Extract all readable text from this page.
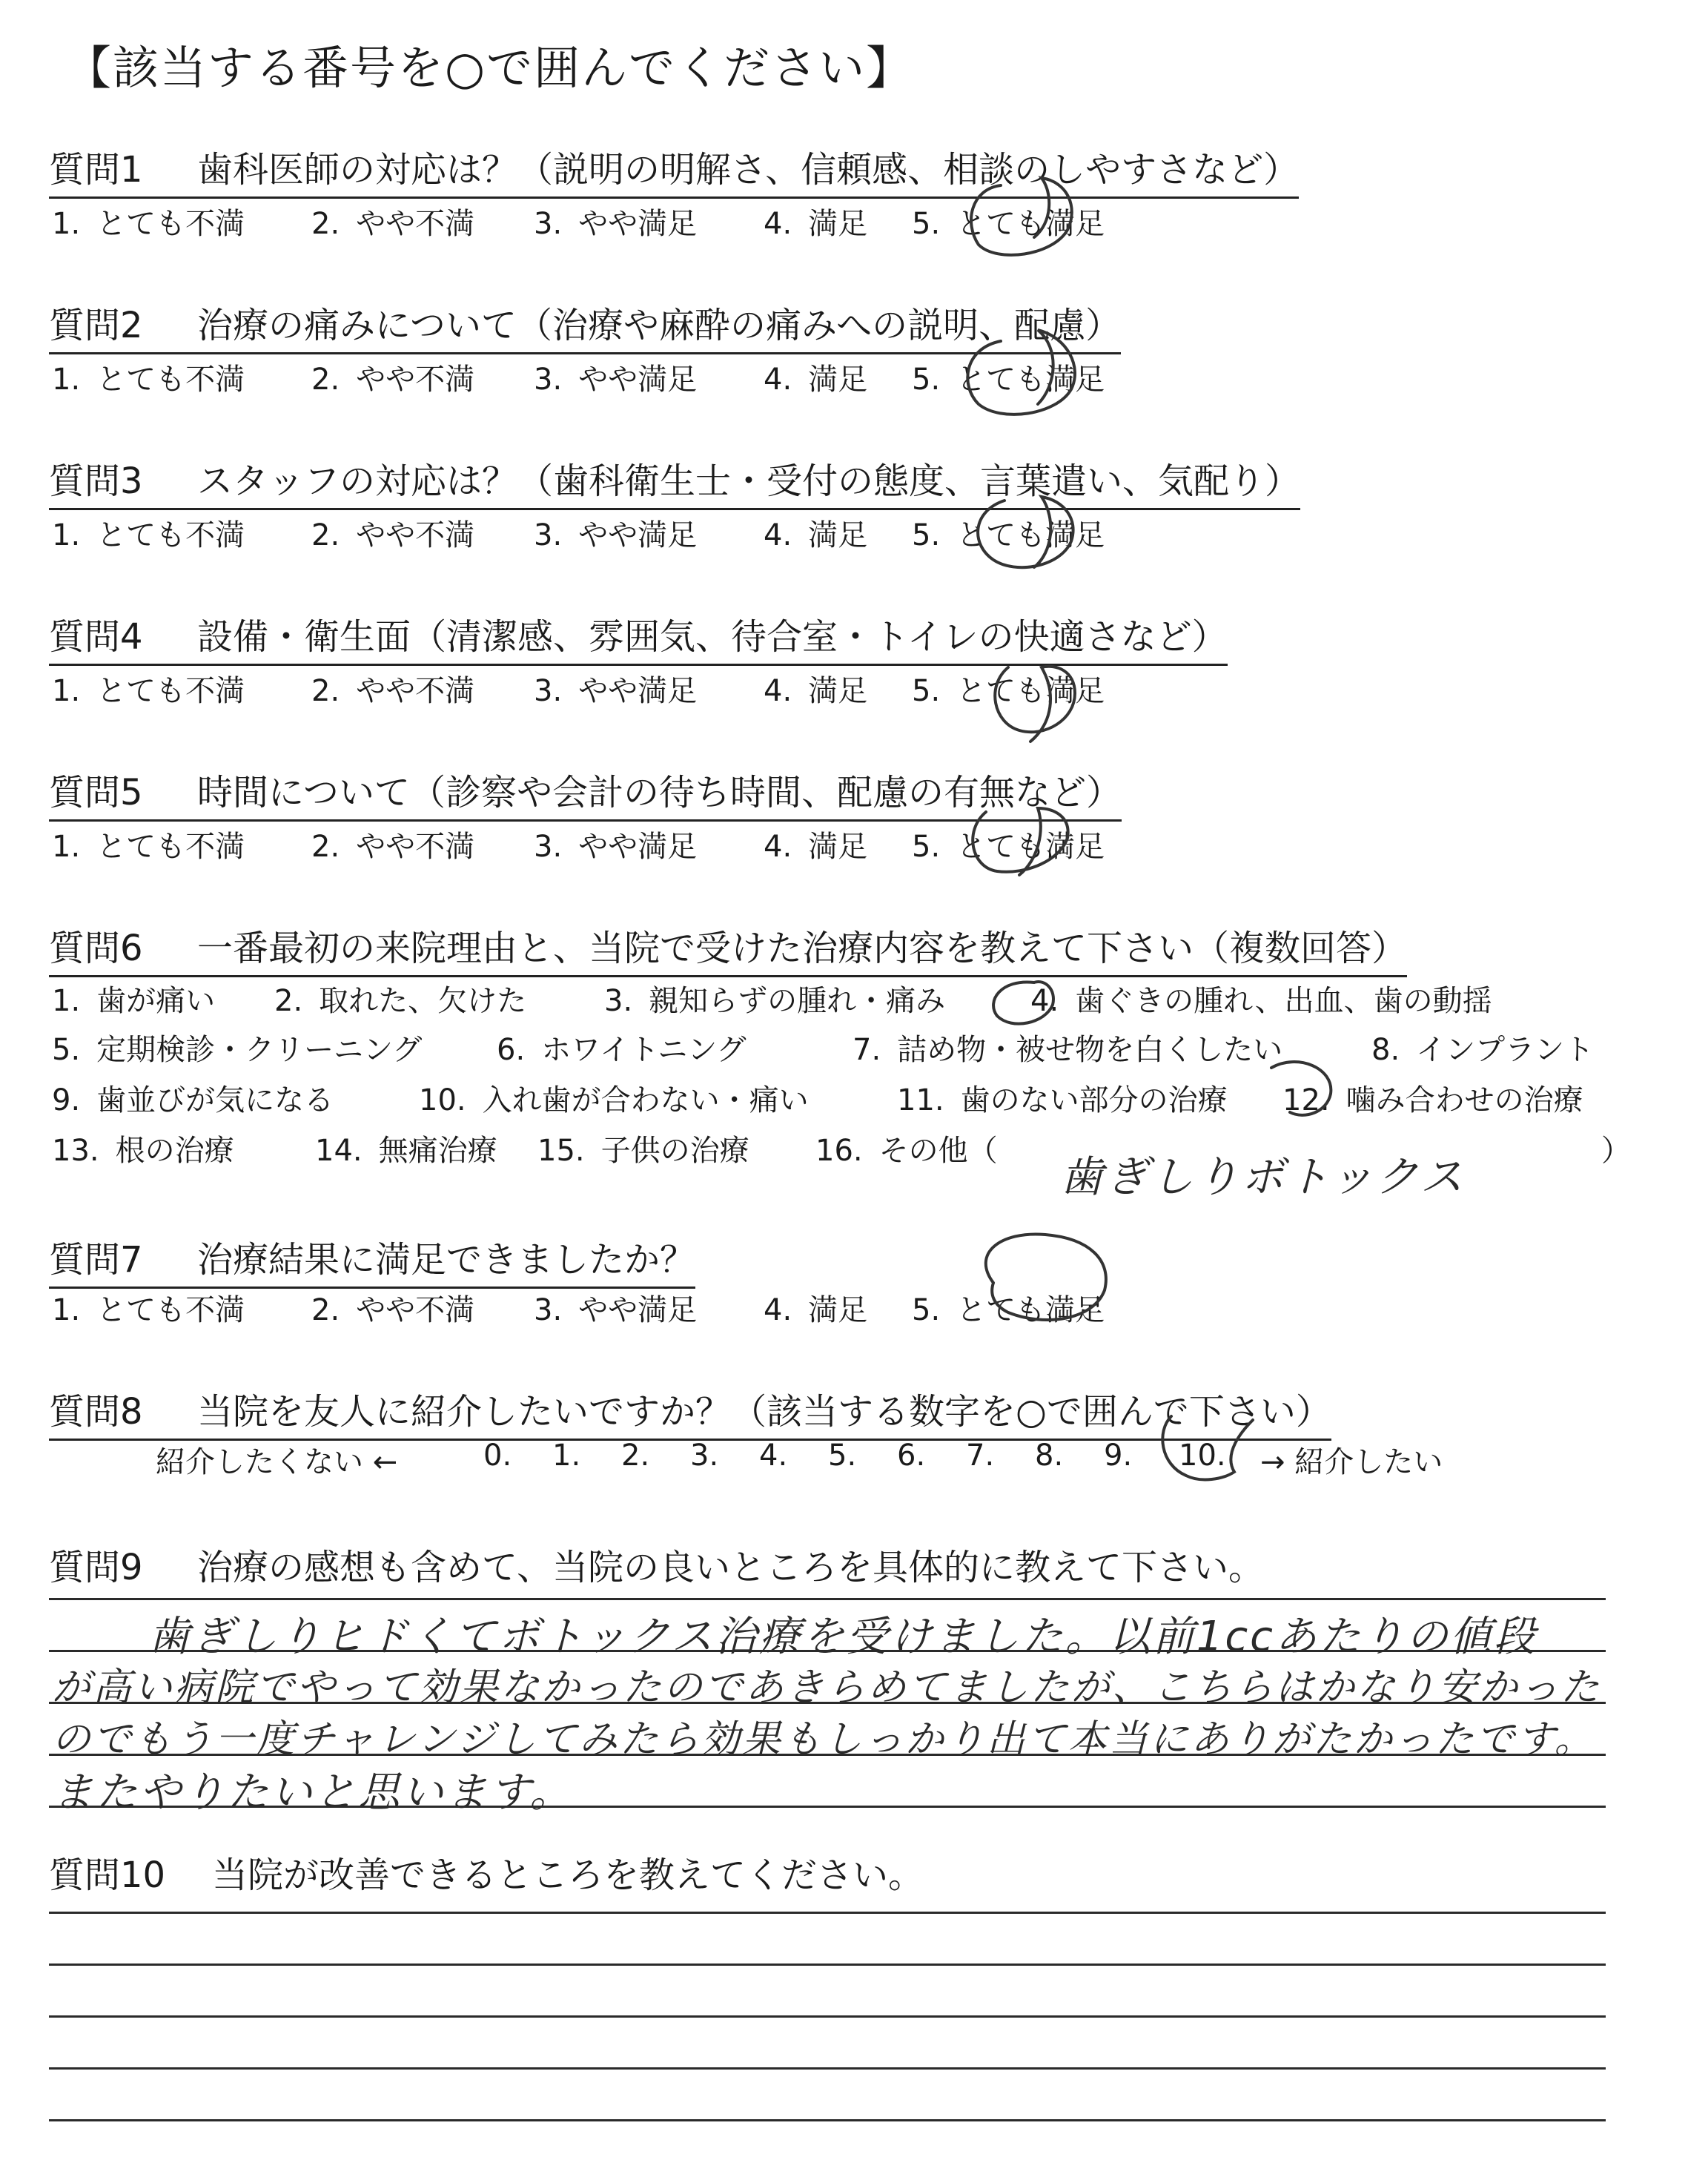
【該当する番号を○で囲んでください】
質問1 歯科医師の対応は？（説明の明解さ、信頼感、相談のしやすさなど）
1. とても不満 2. やや不満 3. やや満足 4. 満足 5. とても満足
質問2 治療の痛みについて（治療や麻酔の痛みへの説明、配慮）
1. とても不満 2. やや不満 3. やや満足 4. 満足 5. とても満足
質問3 スタッフの対応は？（歯科衛生士・受付の態度、言葉遣い、気配り）
1. とても不満 2. やや不満 3. やや満足 4. 満足 5. とても満足
質問4 設備・衛生面（清潔感、雰囲気、待合室・トイレの快適さなど）
1. とても不満 2. やや不満 3. やや満足 4. 満足 5. とても満足
質問5 時間について（診察や会計の待ち時間、配慮の有無など）
1. とても不満 2. やや不満 3. やや満足 4. 満足 5. とても満足
質問6 一番最初の来院理由と、当院で受けた治療内容を教えて下さい（複数回答）
1. 歯が痛い 2. 取れた、欠けた	3. 親知らずの腫れ・痛み	4. 歯ぐきの腫れ、出血、歯の動揺
5. 定期検診・クリーニング	6. ホワイトニング	7. 詰め物・被せ物を白くしたい	8. インプラント
9. 歯並びが気になる	10. 入れ歯が合わない・痛い	11. 歯のない部分の治療 12. 噛み合わせの治療
13. 根の治療	14. 無痛治療 15. 子供の治療 16. その他（	）
歯ぎしりボトックス
質問7 治療結果に満足できましたか？
1. とても不満 2. やや不満 3. やや満足 4. 満足 5. とても満足
質問8 当院を友人に紹介したいですか？（該当する数字を○で囲んで下さい）
紹介したくない ←	0. 1. 2. 3. 4. 5. 6. 7. 8. 9. 10. → 紹介したい
質問9 治療の感想も含めて、当院の良いところを具体的に教えて下さい。
歯ぎしりヒドくてボトックス治療を受けました。以前1ccあたりの値段
が高い病院でやって効果なかったのであきらめてましたが、こちらはかなり安かった
のでもう一度チャレンジしてみたら効果もしっかり出て本当にありがたかったです。
またやりたいと思います。
質問10 当院が改善できるところを教えてください。
